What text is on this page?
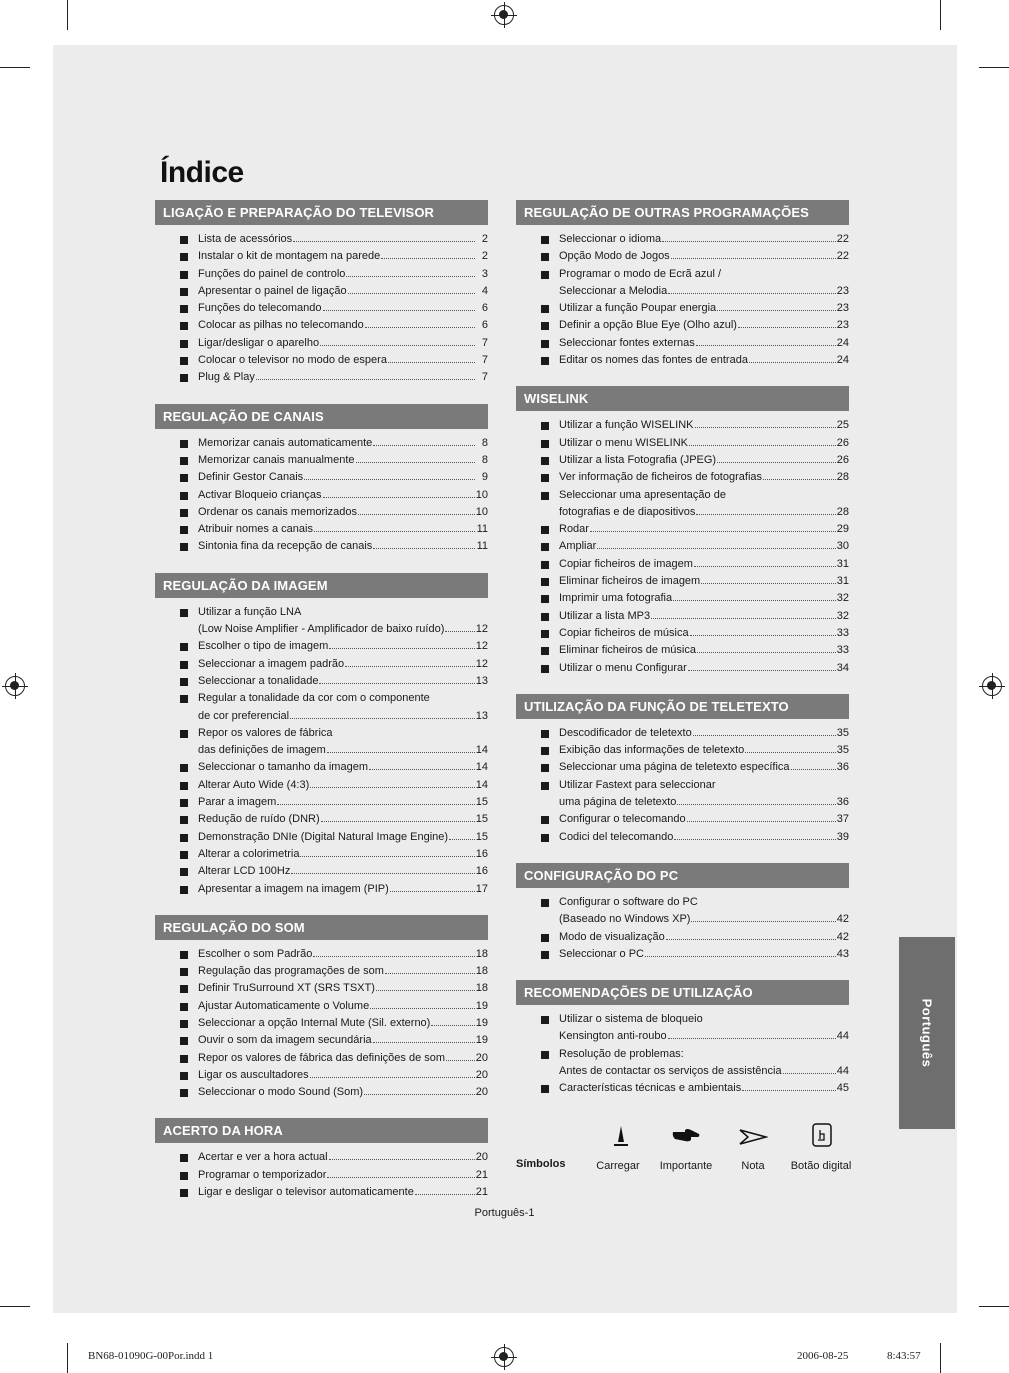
Índice
LIGAÇÃO E PREPARAÇÃO DO TELEVISOR
Lista de acessórios	2
Instalar o kit de montagem na parede	2
Funções do painel de controlo	3
Apresentar o painel de ligação	4
Funções do telecomando	6
Colocar as pilhas no telecomando	6
Ligar/desligar o aparelho	7
Colocar o televisor no modo de espera	7
Plug & Play	7
REGULAÇÃO DE CANAIS
Memorizar canais automaticamente	8
Memorizar canais manualmente	8
Definir Gestor Canais	9
Activar Bloqueio crianças	10
Ordenar os canais memorizados	10
Atribuir nomes a canais	11
Sintonia fina da recepção de canais	11
REGULAÇÃO DA IMAGEM
Utilizar a função LNA
(Low Noise Amplifier - Amplificador de baixo ruído)	12
Escolher o tipo de imagem	12
Seleccionar a imagem padrão	12
Seleccionar a tonalidade	13
Regular a tonalidade da cor com o componente
de cor preferencial	13
Repor os valores de fábrica
das definições de imagem	14
Seleccionar o tamanho da imagem	14
Alterar Auto Wide (4:3)	14
Parar a imagem	15
Redução de ruído (DNR)	15
Demonstração DNIe (Digital Natural Image Engine)	15
Alterar a colorimetria	16
Alterar LCD 100Hz	16
Apresentar a imagem na imagem (PIP)	17
REGULAÇÃO DO SOM
Escolher o som Padrão	18
Regulação das programações de som	18
Definir TruSurround XT (SRS TSXT)	18
Ajustar Automaticamente o Volume	19
Seleccionar a opção Internal Mute (Sil. externo)	19
Ouvir o som da imagem secundária	19
Repor os valores de fábrica das definições de som	20
Ligar os auscultadores	20
Seleccionar o modo Sound (Som)	20
ACERTO DA HORA
Acertar e ver a hora actual	20
Programar o temporizador	21
Ligar e desligar o televisor automaticamente	21
REGULAÇÃO DE OUTRAS PROGRAMAÇÕES
Seleccionar o idioma	22
Opção Modo de Jogos	22
Programar o modo de Ecrã azul /
Seleccionar a Melodia	23
Utilizar a função Poupar energia	23
Definir a opção Blue Eye (Olho azul)	23
Seleccionar fontes externas	24
Editar os nomes das fontes de entrada	24
WISELINK
Utilizar a função WISELINK	25
Utilizar o menu WISELINK	26
Utilizar a lista Fotografia (JPEG)	26
Ver informação de ficheiros de fotografias	28
Seleccionar uma apresentação de
fotografias e de diapositivos	28
Rodar	29
Ampliar	30
Copiar ficheiros de imagem	31
Eliminar ficheiros de imagem	31
Imprimir uma fotografia	32
Utilizar a lista MP3	32
Copiar ficheiros de música	33
Eliminar ficheiros de música	33
Utilizar o menu Configurar	34
UTILIZAÇÃO DA FUNÇÃO DE TELETEXTO
Descodificador de teletexto	35
Exibição das informações de teletexto	35
Seleccionar uma página de teletexto específica	36
Utilizar Fastext para seleccionar
uma página de teletexto	36
Configurar o telecomando	37
Codici del telecomando	39
CONFIGURAÇÃO DO PC
Configurar o software do PC
(Baseado no Windows XP)	42
Modo de visualização	42
Seleccionar o PC	43
RECOMENDAÇÕES DE UTILIZAÇÃO
Utilizar o sistema de bloqueio
Kensington anti-roubo	44
Resolução de problemas:
Antes de contactar os serviços de assistência	44
Características técnicas e ambientais	45
Símbolos	Carregar	Importante	Nota	Botão digital
Português
Português-1
BN68-01090G-00Por.indd 1	2006-08-25	8:43:57
